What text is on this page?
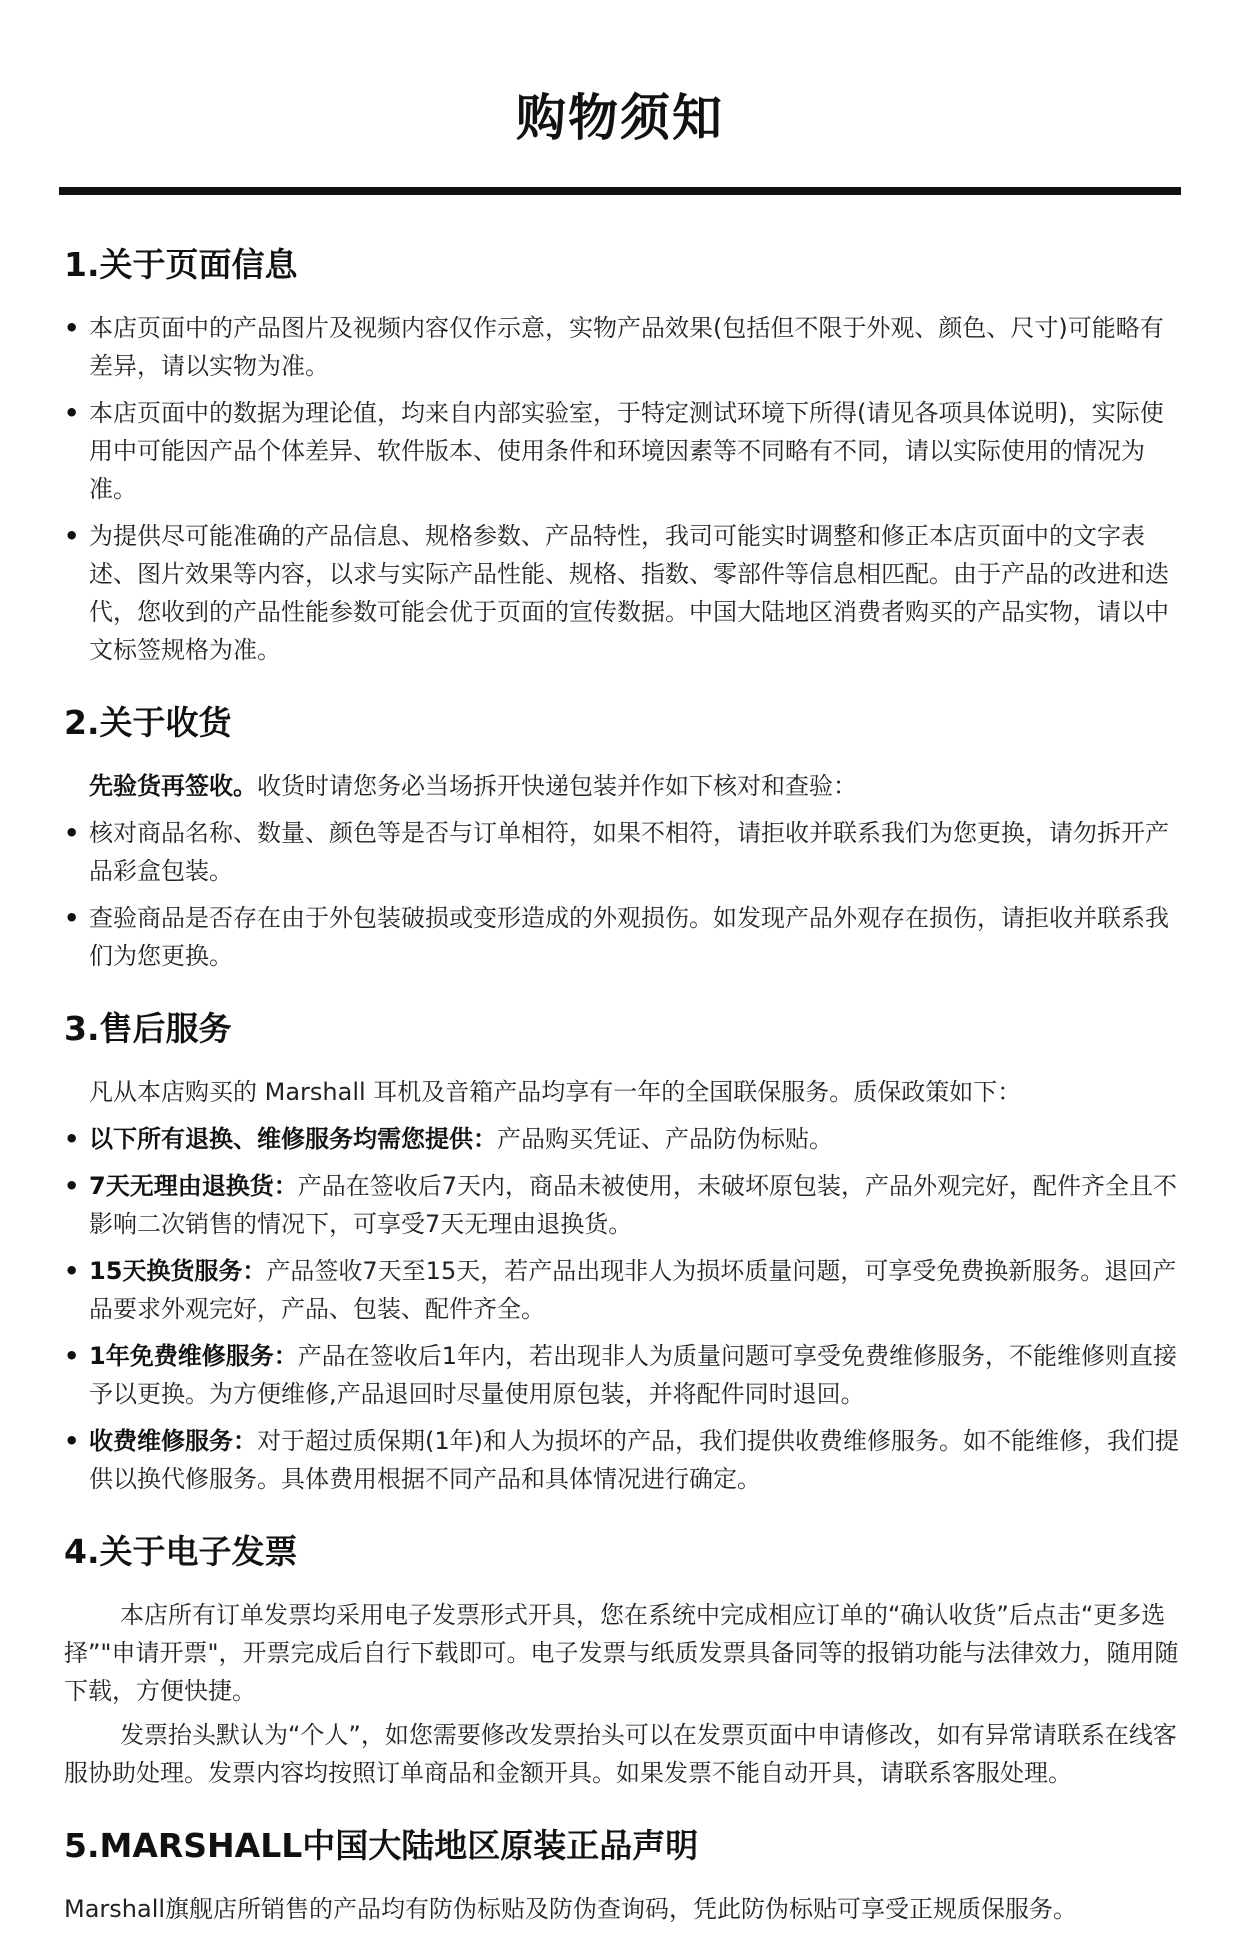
购物须知
1.关于页面信息
• 本店页面中的产品图片及视频内容仅作示意，实物产品效果(包括但不限于外观、颜色、尺寸)可能略有差异，请以实物为准。
• 本店页面中的数据为理论值，均来自内部实验室，于特定测试环境下所得(请见各项具体说明)，实际使用中可能因产品个体差异、软件版本、使用条件和环境因素等不同略有不同，请以实际使用的情况为准。
• 为提供尽可能准确的产品信息、规格参数、产品特性，我司可能实时调整和修正本店页面中的文字表述、图片效果等内容，以求与实际产品性能、规格、指数、零部件等信息相匹配。由于产品的改进和迭代，您收到的产品性能参数可能会优于页面的宣传数据。中国大陆地区消费者购买的产品实物，请以中文标签规格为准。
2.关于收货
先验货再签收。收货时请您务必当场拆开快递包装并作如下核对和查验：
• 核对商品名称、数量、颜色等是否与订单相符，如果不相符，请拒收并联系我们为您更换，请勿拆开产品彩盒包装。
• 查验商品是否存在由于外包装破损或变形造成的外观损伤。如发现产品外观存在损伤，请拒收并联系我们为您更换。
3.售后服务
凡从本店购买的 Marshall 耳机及音箱产品均享有一年的全国联保服务。质保政策如下：
• 以下所有退换、维修服务均需您提供：产品购买凭证、产品防伪标贴。
• 7天无理由退换货：产品在签收后7天内，商品未被使用，未破坏原包装，产品外观完好，配件齐全且不影响二次销售的情况下，可享受7天无理由退换货。
• 15天换货服务：产品签收7天至15天，若产品出现非人为损坏质量问题，可享受免费换新服务。退回产品要求外观完好，产品、包装、配件齐全。
• 1年免费维修服务：产品在签收后1年内，若出现非人为质量问题可享受免费维修服务，不能维修则直接予以更换。为方便维修,产品退回时尽量使用原包装，并将配件同时退回。
• 收费维修服务：对于超过质保期(1年)和人为损坏的产品，我们提供收费维修服务。如不能维修，我们提供以换代修服务。具体费用根据不同产品和具体情况进行确定。
4.关于电子发票
本店所有订单发票均采用电子发票形式开具，您在系统中完成相应订单的“确认收货”后点击“更多选择”"申请开票"，开票完成后自行下载即可。电子发票与纸质发票具备同等的报销功能与法律效力，随用随下载，方便快捷。
发票抬头默认为“个人”，如您需要修改发票抬头可以在发票页面中申请修改，如有异常请联系在线客服协助处理。发票内容均按照订单商品和金额开具。如果发票不能自动开具，请联系客服处理。
5.MARSHALL中国大陆地区原装正品声明
Marshall旗舰店所销售的产品均有防伪标贴及防伪查询码，凭此防伪标贴可享受正规质保服务。
